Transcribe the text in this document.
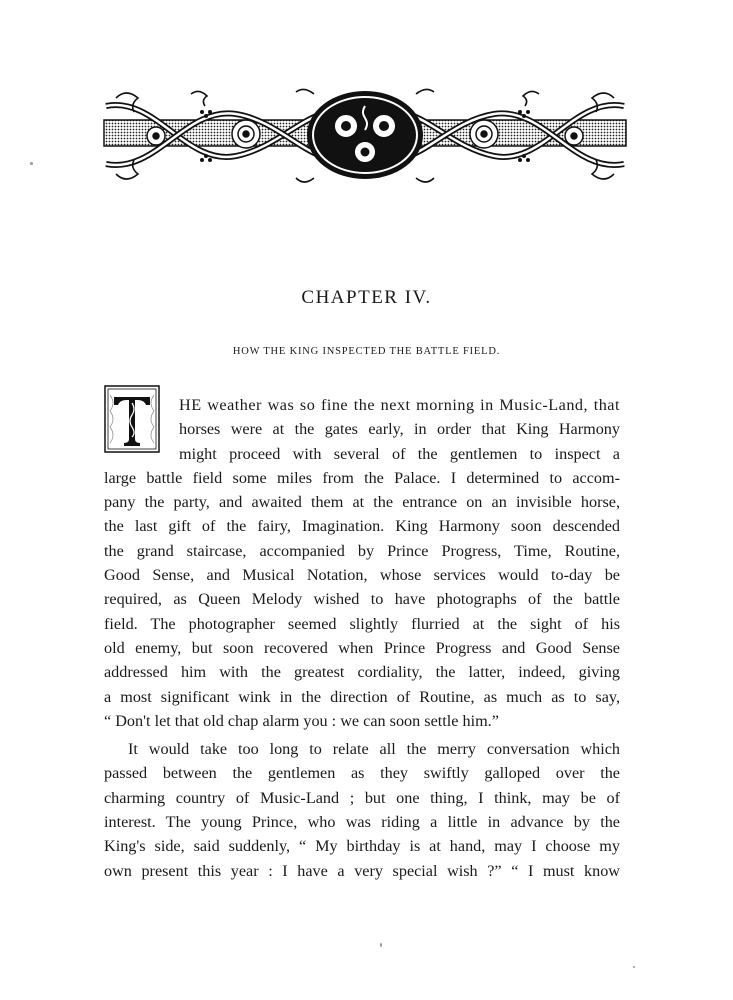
CHAPTER IV.
HOW THE KING INSPECTED THE BATTLE FIELD.
HE weather was so fine the next morning in Music-Land, that
horses were at the gates early, in order that King Harmony
might proceed with several of the gentlemen to inspect a
large battle field some miles from the Palace. I determined to accom-
pany the party, and awaited them at the entrance on an invisible horse,
the last gift of the fairy, Imagination. King Harmony soon descended
the grand staircase, accompanied by Prince Progress, Time, Routine,
Good Sense, and Musical Notation, whose services would to-day be
required, as Queen Melody wished to have photographs of the battle
field. The photographer seemed slightly flurried at the sight of his
old enemy, but soon recovered when Prince Progress and Good Sense
addressed him with the greatest cordiality, the latter, indeed, giving
a most significant wink in the direction of Routine, as much as to say,
“ Don't let that old chap alarm you : we can soon settle him.”
It would take too long to relate all the merry conversation which
passed between the gentlemen as they swiftly galloped over the
charming country of Music-Land ; but one thing, I think, may be of
interest. The young Prince, who was riding a little in advance by the
King's side, said suddenly, “ My birthday is at hand, may I choose my
own present this year : I have a very special wish ?” “ I must know
